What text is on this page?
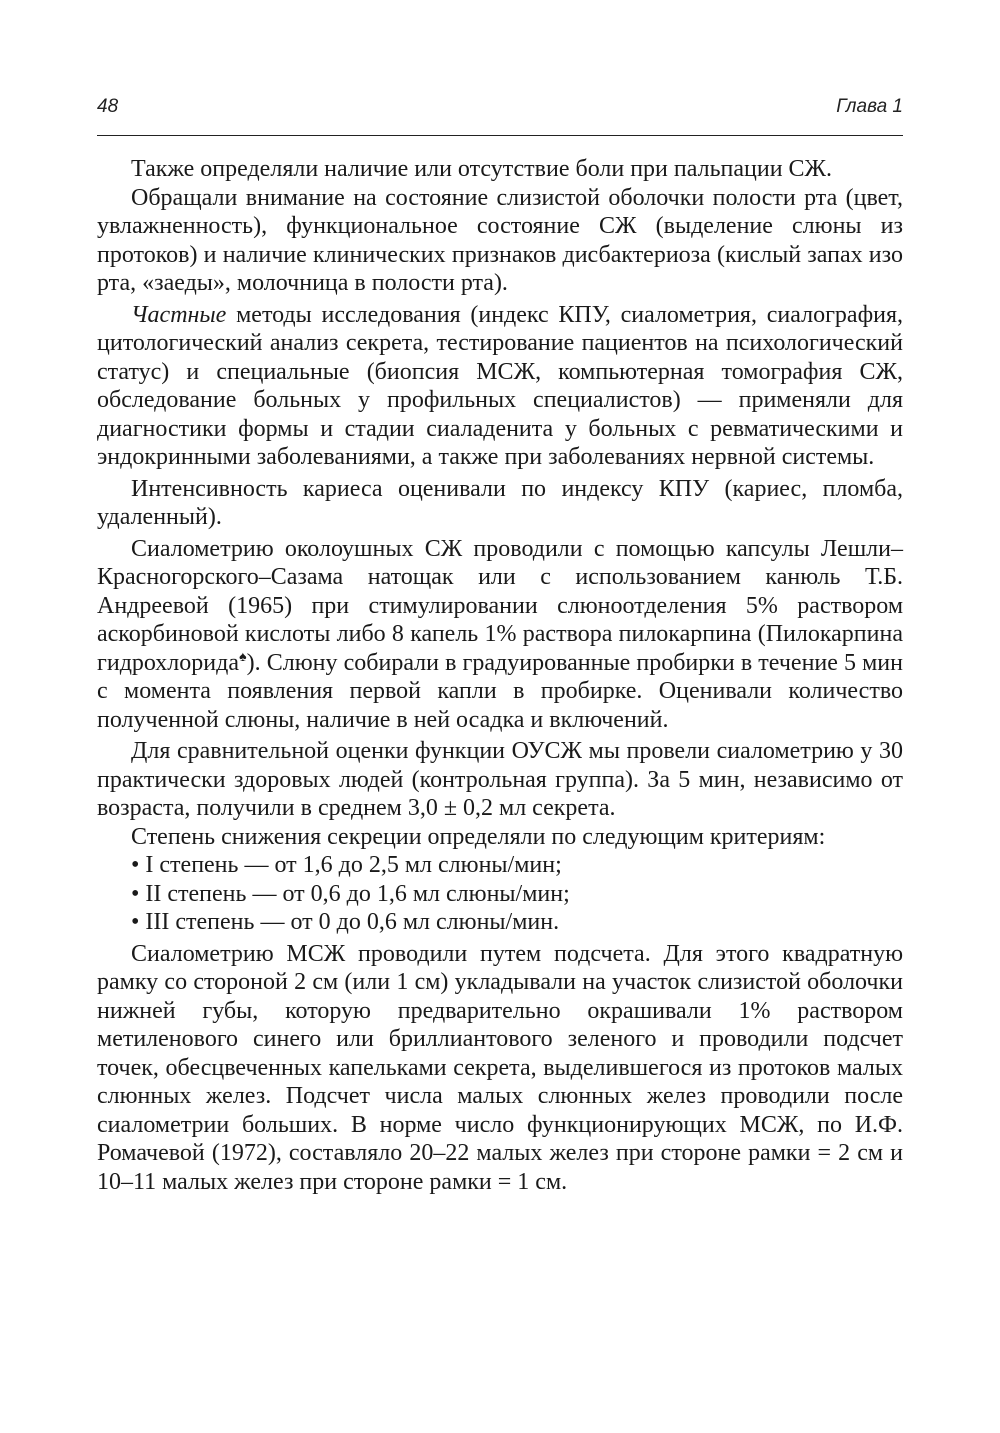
48	Глава 1

Также определяли наличие или отсутствие боли при пальпации СЖ.

Обращали внимание на состояние слизистой оболочки полости рта (цвет, увлажненность), функциональное состояние СЖ (выделение слюны из протоков) и наличие клинических признаков дисбактериоза (кислый запах изо рта, «заеды», молочница в полости рта).

Частные методы исследования (индекс КПУ, сиалометрия, сиалография, цитологический анализ секрета, тестирование пациентов на психологический статус) и специальные (биопсия МСЖ, компьютерная томография СЖ, обследование больных у профильных специалистов) — применяли для диагностики формы и стадии сиаладенита у больных с ревматическими и эндокринными заболеваниями, а также при заболеваниях нервной системы.

Интенсивность кариеса оценивали по индексу КПУ (кариес, пломба, удаленный).

Сиалометрию околоушных СЖ проводили с помощью капсулы Лешли–Красногорского–Сазама натощак или с использованием канюль Т.Б. Андреевой (1965) при стимулировании слюноотделения 5% раствором аскорбиновой кислоты либо 8 капель 1% раствора пилокарпина (Пилокарпина гидрохлорида♠). Слюну собирали в градуированные пробирки в течение 5 мин с момента появления первой капли в пробирке. Оценивали количество полученной слюны, наличие в ней осадка и включений.

Для сравнительной оценки функции ОУСЖ мы провели сиалометрию у 30 практически здоровых людей (контрольная группа). За 5 мин, независимо от возраста, получили в среднем 3,0 ± 0,2 мл секрета.

Степень снижения секреции определяли по следующим критериям:

• I степень — от 1,6 до 2,5 мл слюны/мин;

• II степень — от 0,6 до 1,6 мл слюны/мин;

• III степень — от 0 до 0,6 мл слюны/мин.

Сиалометрию МСЖ проводили путем подсчета. Для этого квадратную рамку со стороной 2 см (или 1 см) укладывали на участок слизистой оболочки нижней губы, которую предварительно окрашивали 1% раствором метиленового синего или бриллиантового зеленого и проводили подсчет точек, обесцвеченных капельками секрета, выделившегося из протоков малых слюнных желез. Подсчет числа малых слюнных желез проводили после сиалометрии больших. В норме число функционирующих МСЖ, по И.Ф. Ромачевой (1972), составляло 20–22 малых желез при стороне рамки = 2 см и 10–11 малых желез при стороне рамки = 1 см.
